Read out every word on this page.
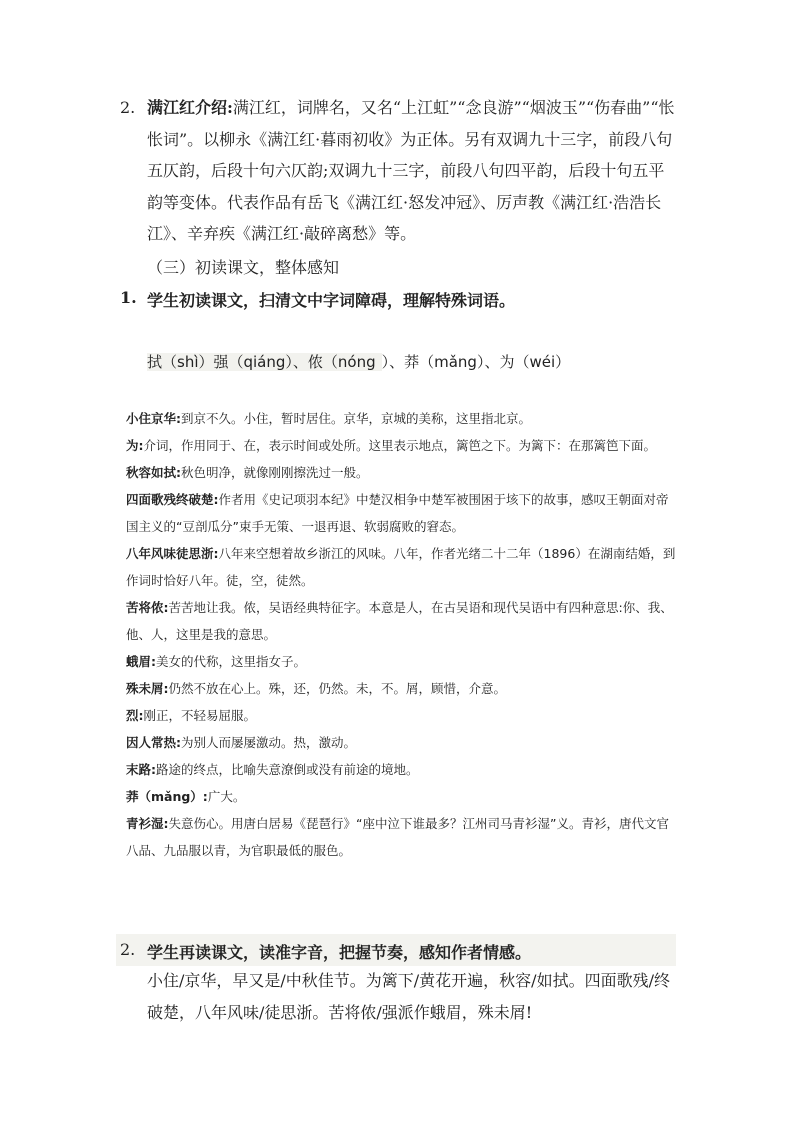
2. 满江红介绍:满江红，词牌名，又名“上江虹”“念良游”“烟波玉”“伤春曲”“怅怅词”。以柳永《满江红·暮雨初收》为正体。另有双调九十三字，前段八句五仄韵，后段十句六仄韵;双调九十三字，前段八句四平韵，后段十句五平韵等变体。代表作品有岳飞《满江红·怒发冲冠》、厉声教《满江红·浩浩长江》、辛弃疾《满江红·敲碎离愁》等。
（三）初读课文，整体感知
1. 学生初读课文，扫清文中字词障碍，理解特殊词语。
拭（shì）强（qiáng）、侬（nóng ）、莽（mǎng）、为（wéi）
小住京华:到京不久。小住，暂时居住。京华，京城的美称，这里指北京。
为:介词，作用同于、在，表示时间或处所。这里表示地点，篱笆之下。为篱下：在那篱笆下面。
秋容如拭:秋色明净，就像刚刚擦洗过一般。
四面歌残终破楚:作者用《史记项羽本纪》中楚汉相争中楚军被围困于垓下的故事，感叹王朝面对帝国主义的“豆剖瓜分”束手无策、一退再退、软弱腐败的窘态。
八年风味徒思浙:八年来空想着故乡浙江的风味。八年，作者光绪二十二年（1896）在湖南结婚，到作词时恰好八年。徒，空，徒然。
苦将侬:苦苦地让我。侬，吴语经典特征字。本意是人，在古吴语和现代吴语中有四种意思:你、我、他、人，这里是我的意思。
蛾眉:美女的代称，这里指女子。
殊未屑:仍然不放在心上。殊，还，仍然。未，不。屑，顾惜，介意。
烈:刚正，不轻易屈服。
因人常热:为别人而屡屡激动。热，激动。
末路:路途的终点，比喻失意潦倒或没有前途的境地。
莽（mǎng）:广大。
青衫湿:失意伤心。用唐白居易《琵琶行》“座中泣下谁最多？江州司马青衫湿”义。青衫，唐代文官八品、九品服以青，为官职最低的服色。
2. 学生再读课文，读准字音，把握节奏，感知作者情感。
小住/京华，早又是/中秋佳节。为篱下/黄花开遍，秋容/如拭。四面歌残/终破楚，八年风味/徒思浙。苦将侬/强派作蛾眉，殊未屑!
